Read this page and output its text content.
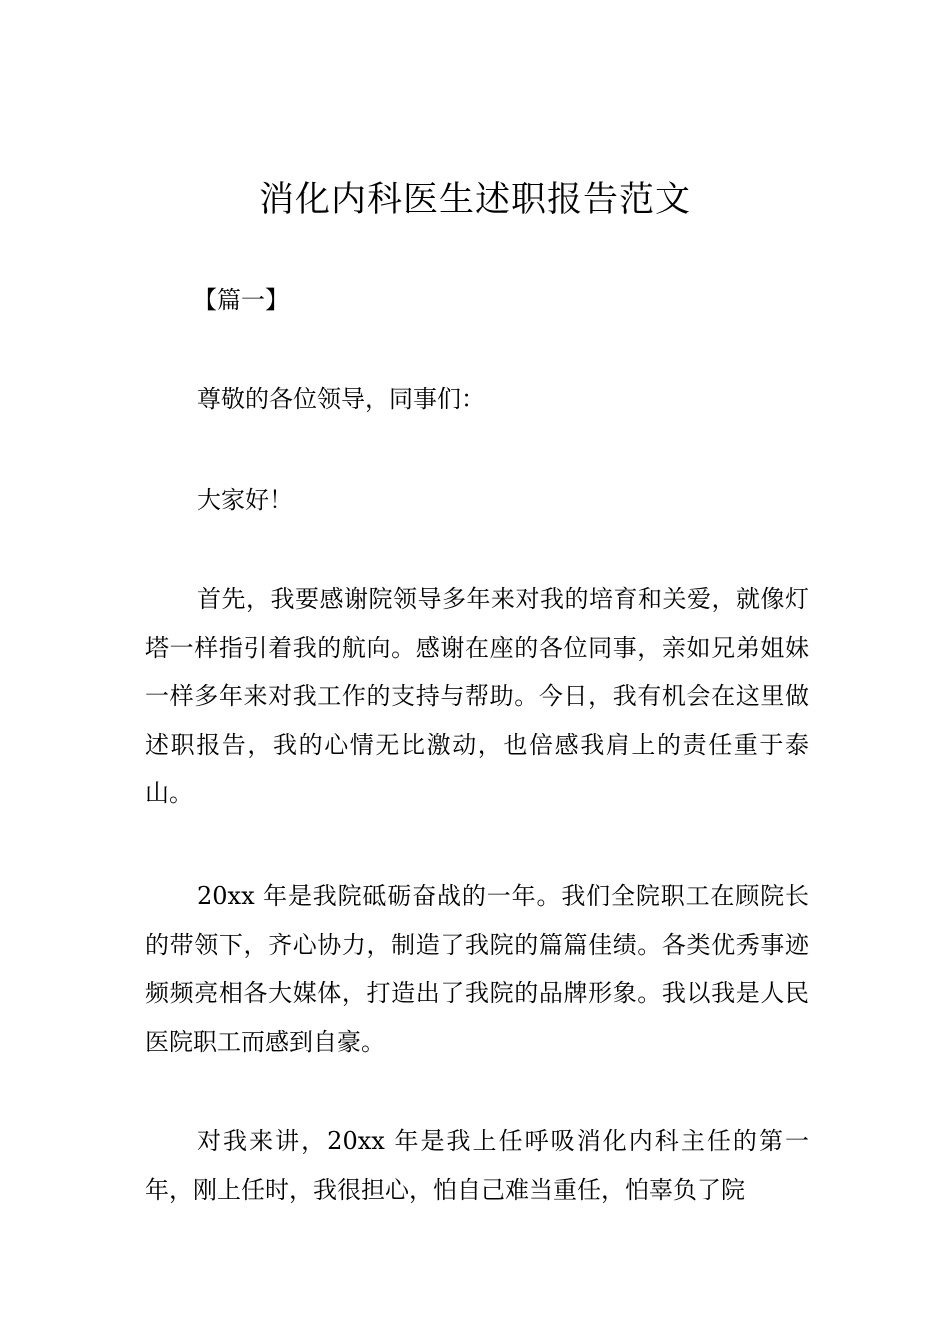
消化内科医生述职报告范文

【篇一】

尊敬的各位领导，同事们：

大家好！

首先，我要感谢院领导多年来对我的培育和关爱，就像灯塔一样指引着我的航向。感谢在座的各位同事，亲如兄弟姐妹一样多年来对我工作的支持与帮助。今日，我有机会在这里做述职报告，我的心情无比激动，也倍感我肩上的责任重于泰山。

20xx 年是我院砥砺奋战的一年。我们全院职工在顾院长的带领下，齐心协力，制造了我院的篇篇佳绩。各类优秀事迹频频亮相各大媒体，打造出了我院的品牌形象。我以我是人民医院职工而感到自豪。

对我来讲，20xx 年是我上任呼吸消化内科主任的第一年，刚上任时，我很担心，怕自己难当重任，怕辜负了院
